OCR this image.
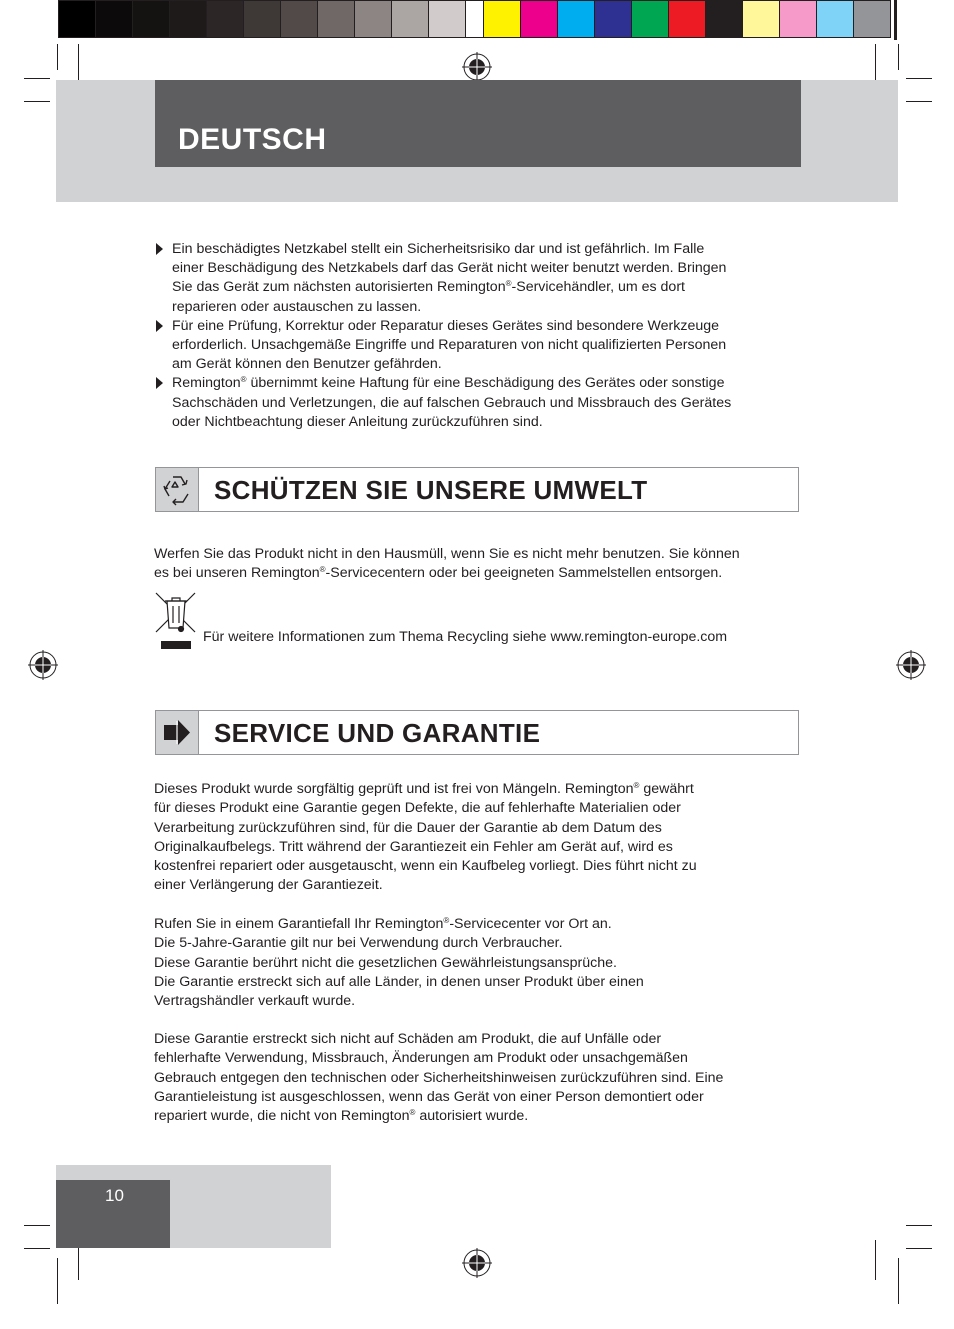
DEUTSCH
Ein beschädigtes Netzkabel stellt ein Sicherheitsrisiko dar und ist gefährlich. Im Falle
einer Beschädigung des Netzkabels darf das Gerät nicht weiter benutzt werden. Bringen
Sie das Gerät zum nächsten autorisierten Remington®-Servicehändler, um es dort
reparieren oder austauschen zu lassen.
Für eine Prüfung, Korrektur oder Reparatur dieses Gerätes sind besondere Werkzeuge
erforderlich. Unsachgemäße Eingriffe und Reparaturen von nicht qualifizierten Personen
am Gerät können den Benutzer gefährden.
Remington® übernimmt keine Haftung für eine Beschädigung des Gerätes oder sonstige
Sachschäden und Verletzungen, die auf falschen Gebrauch und Missbrauch des Gerätes
oder Nichtbeachtung dieser Anleitung zurückzuführen sind.
SCHÜTZEN SIE UNSERE UMWELT
Werfen Sie das Produkt nicht in den Hausmüll, wenn Sie es nicht mehr benutzen. Sie können
es bei unseren Remington®-Servicecentern oder bei geeigneten Sammelstellen entsorgen.
Für weitere Informationen zum Thema Recycling siehe www.remington-europe.com
SERVICE UND GARANTIE
Dieses Produkt wurde sorgfältig geprüft und ist frei von Mängeln. Remington® gewährt
für dieses Produkt eine Garantie gegen Defekte, die auf fehlerhafte Materialien oder
Verarbeitung zurückzuführen sind, für die Dauer der Garantie ab dem Datum des
Originalkaufbelegs. Tritt während der Garantiezeit ein Fehler am Gerät auf, wird es
kostenfrei repariert oder ausgetauscht, wenn ein Kaufbeleg vorliegt. Dies führt nicht zu
einer Verlängerung der Garantiezeit.
Rufen Sie in einem Garantiefall Ihr Remington®-Servicecenter vor Ort an.
Die 5-Jahre-Garantie gilt nur bei Verwendung durch Verbraucher.
Diese Garantie berührt nicht die gesetzlichen Gewährleistungsansprüche.
Die Garantie erstreckt sich auf alle Länder, in denen unser Produkt über einen
Vertragshändler verkauft wurde.
Diese Garantie erstreckt sich nicht auf Schäden am Produkt, die auf Unfälle oder
fehlerhafte Verwendung, Missbrauch, Änderungen am Produkt oder unsachgemäßen
Gebrauch entgegen den technischen oder Sicherheitshinweisen zurückzuführen sind. Eine
Garantieleistung ist ausgeschlossen, wenn das Gerät von einer Person demontiert oder
repariert wurde, die nicht von Remington® autorisiert wurde.
10
